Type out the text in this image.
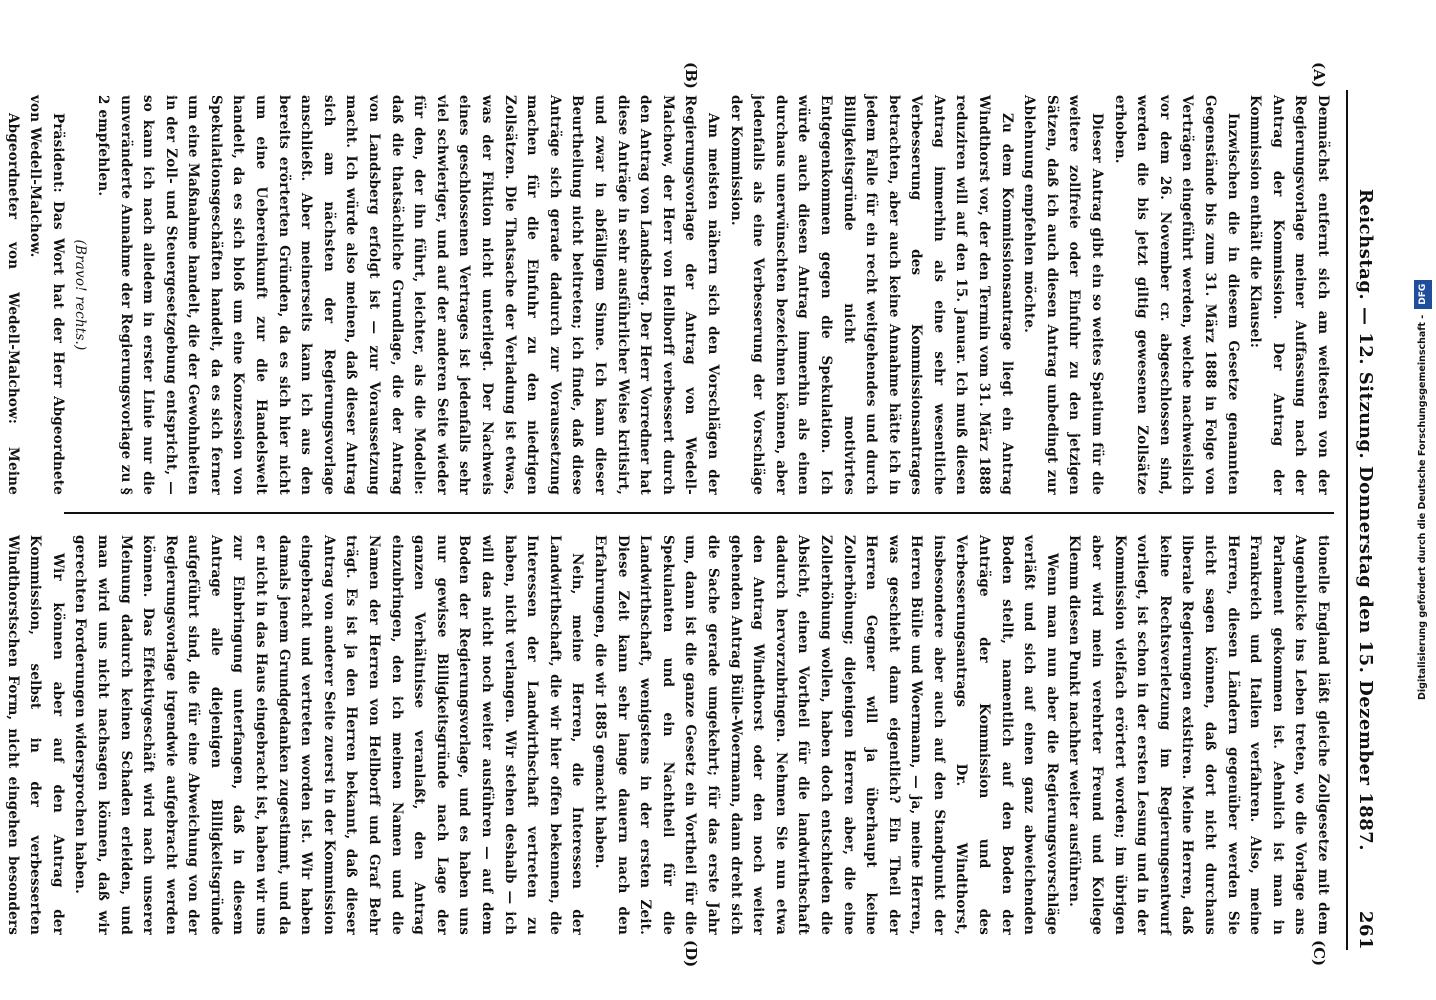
Reichstag. — 12. Sitzung. Donnerstag den 15. Dezember 1887.
261
(A)
(B)
(C)
(D)

Demnächst entfernt sich am weitesten von der Regierungsvorlage meiner Auffassung nach der Antrag der Kommission. Der Antrag der Kommission enthält die Klausel:

Inzwischen die in diesem Gesetze genannten Gegenstände bis zum 31. März 1888 in Folge von Verträgen eingeführt werden, welche nachweislich vor dem 26. November cr. abgeschlossen sind, werden die bis jetzt giltig gewesenen Zollsätze erhoben.

Dieser Antrag gibt ein so weites Spatium für die weitere zollfreie oder Einfuhr zu den jetzigen Sätzen, daß ich auch diesen Antrag unbedingt zur Ablehnung empfehlen möchte.

Zu dem Kommissionsantrage liegt ein Antrag Windthorst vor, der den Termin vom 31. März 1888 reduziren will auf den 15. Januar. Ich muß diesen Antrag immerhin als eine sehr wesentliche Verbesserung des Kommissionsantrages betrachten, aber auch keine Annahme hätte ich in jedem Falle für ein recht weitgehendes und durch Billigkeitsgründe nicht motivirtes Entgegenkommen gegen die Spekulation. Ich würde auch diesen Antrag immerhin als einen durchaus unerwünschten bezeichnen können, aber jedenfalls als eine Verbesserung der Vorschläge der Kommission.

Am meisten nähern sich den Vorschlägen der Regierungsvorlage der Antrag von Wedell-Malchow, der Herr von Hellborff verbessert durch den Antrag von Landsberg. Der Herr Vorredner hat diese Anträge in sehr ausführlicher Weise kritisirt, und zwar in abfälligem Sinne. Ich kann dieser Beurtheilung nicht beitreten; ich finde, daß diese Anträge sich gerade dadurch zur Voraussetzung machen für die Einfuhr zu den niedrigen Zollsätzen. Die Thatsache der Verladung ist etwas, was der Fiktion nicht unterliegt. Der Nachweis eines geschlossenen Vertrages ist jedenfalls sehr viel schwieriger, und auf der anderen Seite wieder für den, der ihn führt, leichter, als die Modelle: daß die thatsächliche Grundlage, die der Antrag von Landsberg erfolgt ist — zur Voraussetzung macht. Ich würde also meinen, daß dieser Antrag sich am nächsten der Regierungsvorlage anschließt. Aber meinerseits kann ich aus den bereits erörterten Gründen, da es sich hier nicht um eine Uebereinkunft zur die Handelswelt handelt, da es sich bloß um eine Konzession von Spekulationsgeschäften handelt, da es sich ferner um eine Maßnahme handelt, die der Gewohnheiten in der Zoll- und Steuergesetzgebung entspricht, — so kann ich nach alledem in erster Linie nur die unveränderte Annahme der Regierungsvorlage zu § 2 empfehlen.

(Bravo! rechts.)

Präsident: Das Wort hat der Herr Abgeordnete von Wedell-Malchow.

Abgeordneter von Wedell-Malchow: Meine

tionelle England läßt gleiche Zollgesetze mit dem Augenblicke ins Leben treten, wo die Vorlage ans Parlament gekommen ist. Aehnlich ist man in Frankreich und Italien verfahren. Also, meine Herren, diesen Ländern gegenüber werden Sie nicht sagen können, daß dort nicht durchaus liberale Regierungen existiren. Meine Herren, daß keine Rechtsverletzung im Regierungsentwurf vorliegt, ist schon in der ersten Lesung und in der Kommission vielfach erörtert worden; im übrigen aber wird mein verehrter Freund und Kollege Klemm diesen Punkt nachher weiter ausführen.

Wenn man nun aber die Regierungsvorschläge verläßt und sich auf einen ganz abweichenden Boden stellt, namentlich auf den Boden der Anträge der Kommission und des Verbesserungsantrags Dr. Windthorst, insbesondere aber auch auf den Standpunkt der Herren Bülle und Woermann, — ja, meine Herren, was geschieht dann eigentlich? Ein Theil der Herren Gegner will ja überhaupt keine Zollerhöhung; diejenigen Herren aber, die eine Zollerhöhung wollen, haben doch entschieden die Absicht, einen Vortheil für die landwirthschaft dadurch hervorzubringen. Nehmen Sie nun etwa den Antrag Windthorst oder den noch weiter gehenden Antrag Bülle-Woermann, dann dreht sich die Sache gerade umgekehrt; für das erste Jahr um, dann ist die ganze Gesetz ein Vortheil für die Spekulanten und ein Nachtheil für die Landwirthschaft, wenigstens in der ersten Zeit. Diese Zeit kann sehr lange dauern nach den Erfahrungen, die wir 1885 gemacht haben.

Nein, meine Herren, die Interessen der Landwirthschaft, die wir hier offen bekennen, die Interessen der Landwirthschaft vertreten zu haben, nicht verlangen. Wir stehen deshalb — ich will das nicht noch weiter ausführen — auf dem Boden der Regierungsvorlage, und es haben uns nur gewisse Billigkeitsgründe nach Lage der ganzen Verhältnisse veranlaßt, den Antrag einzubringen, den ich meinen Namen und die Namen der Herren von Hellborff und Graf Behr trägt. Es ist ja den Herren bekannt, daß dieser Antrag von anderer Seite zuerst in der Kommission eingebracht und vertreten worden ist. Wir haben damals jenem Grundgedanken zugestimmt, und da er nicht in das Haus eingebracht ist, haben wir uns zur Einbringung unterfangen, daß in diesem Antrage alle diejenigen Billigkeitsgründe aufgeführt sind, die für eine Abweichung von der Regierungsvorlage irgendwie aufgebracht werden können. Das Effektivgeschäft wird nach unserer Meinung dadurch keinen Schaden erleiden, und man wird uns nicht nachsagen können, daß wir gerechten Forderungen widersprochen haben.

Wir können aber auf den Antrag der Kommission, selbst in der verbesserten Windthorstschen Form, nicht eingehen besonders

Digitalisierung gefördert durch die Deutsche Forschungsgemeinschaft -DFG
